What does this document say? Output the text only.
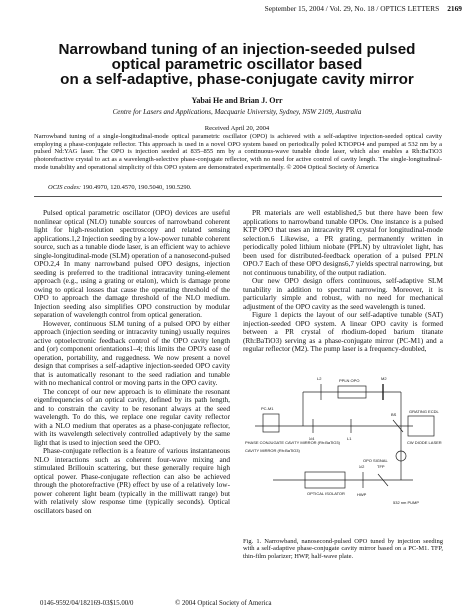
September 15, 2004 / Vol. 29, No. 18 / OPTICS LETTERS 2169
Narrowband tuning of an injection-seeded pulsed
optical parametric oscillator based
on a self-adaptive, phase-conjugate cavity mirror
Yabai He and Brian J. Orr
Centre for Lasers and Applications, Macquarie University, Sydney, NSW 2109, Australia
Received April 20, 2004
Narrowband tuning of a single-longitudinal-mode optical parametric oscillator (OPO) is achieved with a self-adaptive injection-seeded optical cavity employing a phase-conjugate reflector. This approach is used in a novel OPO system based on periodically poled KTiOPO4 and pumped at 532 nm by a pulsed Nd:YAG laser. The OPO is injection seeded at 835–855 nm by a continuous-wave tunable diode laser, which also enables a Rh:BaTiO3 photorefractive crystal to act as a wavelength-selective phase-conjugate reflector, with no need for active control of cavity length. The single-longitudinal-mode tunability and operational simplicity of this OPO system are demonstrated experimentally. © 2004 Optical Society of America
OCIS codes: 190.4970, 120.4570, 190.5040, 190.5290.

Pulsed optical parametric oscillator (OPO) devices are useful nonlinear optical (NLO) tunable sources of narrowband coherent light for high-resolution spectroscopy and related sensing applications.1,2 Injection seeding by a low-power tunable coherent source, such as a tunable diode laser, is an efficient way to achieve single-longitudinal-mode (SLM) operation of a nanosecond-pulsed OPO.2,4 In many narrowband pulsed OPO designs, injection seeding is preferred to the traditional intracavity tuning-element approach (e.g., using a grating or etalon), which is damage prone owing to optical losses that cause the operating threshold of the OPO to approach the damage threshold of the NLO medium. Injection seeding also simplifies OPO construction by modular separation of wavelength control from optical generation.

However, continuous SLM tuning of a pulsed OPO by either approach (injection seeding or intracavity tuning) usually requires active optoelectronic feedback control of the OPO cavity length and (or) component orientations1–4; this limits the OPO's ease of operation, portability, and ruggedness. We now present a novel design that comprises a self-adaptive injection-seeded OPO cavity that is automatically resonant to the seed radiation and tunable with no mechanical control or moving parts in the OPO cavity.

The concept of our new approach is to eliminate the resonant eigenfrequencies of an optical cavity, defined by its path length, and to constrain the cavity to be resonant always at the seed wavelength. To do this, we replace one regular cavity reflector with a NLO medium that operates as a phase-conjugate reflector, with its wavelength selectively controlled adaptively by the same light that is used to injection seed the OPO.

Phase-conjugate reflection is a feature of various instantaneous NLO interactions such as coherent four-wave mixing and stimulated Brillouin scattering, but these generally require high optical power. Phase-conjugate reflection can also be achieved through the photorefractive (PR) effect by use of a relatively low-power coherent light beam (typically in the milliwatt range) but with relatively slow response time (typically seconds). Optical oscillators based on

PR materials are well established,5 but there have been few applications to narrowband tunable OPOs. One instance is a pulsed KTP OPO that uses an intracavity PR crystal for longitudinal-mode selection.6 Likewise, a PR grating, permanently written in periodically poled lithium niobate (PPLN) by ultraviolet light, has been used for distributed-feedback operation of a pulsed PPLN OPO.7 Each of these OPO designs6,7 yields spectral narrowing, but not continuous tunability, of the output radiation.

Our new OPO design offers continuous, self-adaptive SLM tunability in addition to spectral narrowing. Moreover, it is particularly simple and robust, with no need for mechanical adjustment of the OPO cavity as the seed wavelength is tuned.

Figure 1 depicts the layout of our self-adaptive tunable (SAT) injection-seeded OPO system. A linear OPO cavity is formed between a PR crystal of rhodium-doped barium titanate (Rh:BaTiO3) serving as a phase-conjugate mirror (PC-M1) and a regular reflector (M2). The pump laser is a frequency-doubled,

L2
PC-M1
PPLN OPO	M2
PHASE CONJUGATE CAVITY MIRROR (Rh:BaTiO3)
λ/4
CAVITY MIRROR (Rh:BaTiO3)
L1
GRATING ECDL
CW DIODE LASER
OPO SIGNAL
BS
OPTICAL ISOLATOR
λ/2
HWP
532 nm PUMP
TFP
Fig. 1. Narrowband, nanosecond-pulsed OPO tuned by injection seeding with a self-adaptive phase-conjugate cavity mirror based on a PC-M1. TFP, thin-film polarizer; HWP, half-wave plate.
0146-9592/04/182169-03$15.00/0	© 2004 Optical Society of America
